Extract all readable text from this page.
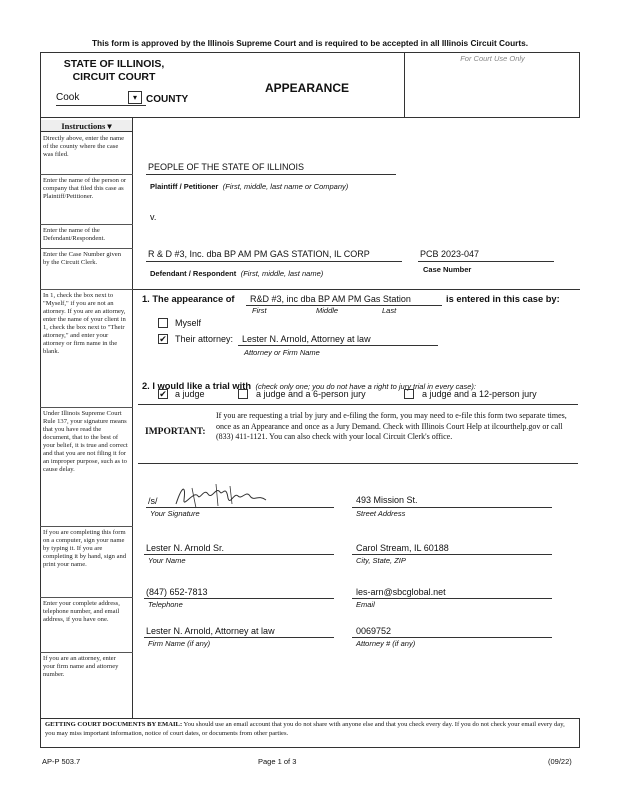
This form is approved by the Illinois Supreme Court and is required to be accepted in all Illinois Circuit Courts.
STATE OF ILLINOIS,
CIRCUIT COURT
Cook	▾ COUNTY
APPEARANCE
For Court Use Only
Instructions ▾
Directly above, enter the name of the county where the case was filed.
Enter the name of the person or company that filed this case as Plaintiff/Petitioner.
Enter the name of the Defendant/Respondent.
Enter the Case Number given by the Circuit Clerk.
In 1, check the box next to "Myself," if you are not an attorney. If you are an attorney, enter the name of your client in 1, check the box next to "Their attorney," and enter your attorney or firm name in the blank.
Under Illinois Supreme Court Rule 137, your signature means that you have read the document, that to the best of your belief, it is true and correct and that you are not filing it for an improper purpose, such as to cause delay.
If you are completing this form on a computer, sign your name by typing it. If you are completing it by hand, sign and print your name.
Enter your complete address, telephone number, and email address, if you have one.
If you are an attorney, enter your firm name and attorney number.
PEOPLE OF THE STATE OF ILLINOIS
Plaintiff / Petitioner (First, middle, last name or Company)
v.
R & D #3, Inc. dba BP AM PM GAS STATION, IL CORP
Defendant / Respondent (First, middle, last name)
PCB 2023-047
Case Number
1. The appearance of R&D #3, inc dba BP AM PM Gas Station	is entered in this case by:
First	Middle	Last
Myself
✔ Their attorney: Lester N. Arnold, Attorney at law
Attorney or Firm Name
2. I would like a trial with (check only one; you do not have a right to jury trial in every case):
✔ a judge	a judge and a 6-person jury	a judge and a 12-person jury
IMPORTANT:
If you are requesting a trial by jury and e-filing the form, you may need to e-file this form two separate times, once as an Appearance and once as a Jury Demand. Check with Illinois Court Help at ilcourthelp.gov or call (833) 411-1121. You can also check with your local Circuit Clerk's office.
/s/
Your Signature
493 Mission St.
Street Address
Lester N. Arnold Sr.
Your Name
Carol Stream, IL 60188
City, State, ZIP
(847) 652-7813
Telephone
les-arn@sbcglobal.net
Email
Lester N. Arnold, Attorney at law
Firm Name (if any)
0069752
Attorney # (if any)
GETTING COURT DOCUMENTS BY EMAIL: You should use an email account that you do not share with anyone else and that you check every day. If you do not check your email every day, you may miss important information, notice of court dates, or documents from other parties.
AP-P 503.7	Page 1 of 3	(09/22)
